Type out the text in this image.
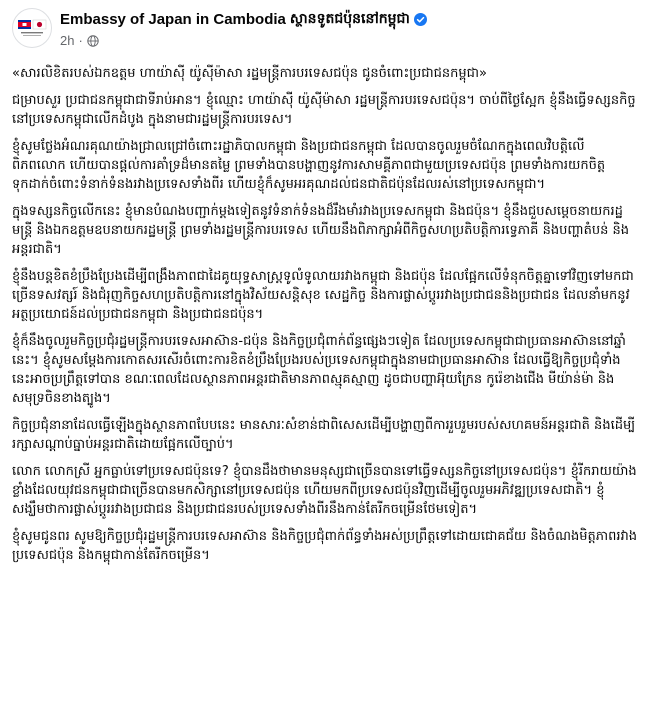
Embassy of Japan in Cambodia ស្ថានទូតជប៉ុននៅកម្ពុជា
2h ·

«សារលិខិតរបស់ឯកឧត្តម ហាយ៉ាស៊ី យ៉ូស៊ីម៉ាសា រដ្ឋមន្ត្រីការបរទេសជប៉ុន ជូនចំពោះប្រជាជនកម្ពុជា»

ជម្រាបសួរ ប្រជាជនកម្ពុជាជាទីរាប់អាន។ ខ្ញុំឈ្មោះ ហាយ៉ាស៊ី យ៉ូស៊ីម៉ាសា រដ្ឋមន្ត្រីការបរទេសជប៉ុន។ ចាប់ពីថ្ងៃស្អែក ខ្ញុំនឹងធ្វើទស្សនកិច្ចនៅប្រទេសកម្ពុជាលើកដំបូង ក្នុងនាមជារដ្ឋមន្ត្រីការបរទេស។

ខ្ញុំសូមថ្លែងអំណរគុណយ៉ាងជ្រាលជ្រៅចំពោះរដ្ឋាភិបាលកម្ពុជា និងប្រជាជនកម្ពុជា ដែលបានចូលរួមចំណែកក្នុងពេលវិបត្តិលើពិភពលោក ហើយបានផ្តល់ការគាំទ្រដ៏មានតម្លៃ ព្រមទាំងបានបង្ហាញនូវការសាមគ្គីភាពជាមួយប្រទេសជប៉ុន ព្រមទាំងការយកចិត្តទុកដាក់ចំពោះទំនាក់ទំនងរវាងប្រទេសទាំងពីរ ហើយខ្ញុំក៏សូមអរគុណដល់ជនជាតិជប៉ុនដែលរស់នៅប្រទេសកម្ពុជា។

ក្នុងទស្សនកិច្ចលើកនេះ ខ្ញុំមានបំណងបញ្ជាក់ម្តងទៀតនូវទំនាក់ទំនងដ៏រឹងមាំរវាងប្រទេសកម្ពុជា និងជប៉ុន។ ខ្ញុំនឹងជួបសម្តេចនាយករដ្ឋមន្ត្រី និងឯកឧត្តមឧបនាយករដ្ឋមន្ត្រី ព្រមទាំងរដ្ឋមន្ត្រីការបរទេស ហើយនឹងពិភាក្សាអំពីកិច្ចសហប្រតិបត្តិការទ្វេភាគី និងបញ្ហាតំបន់ និងអន្តរជាតិ។

ខ្ញុំនឹងបន្តខិតខំប្រឹងប្រែងដើម្បីពង្រឹងភាពជាដៃគូយុទ្ធសាស្ត្រទូលំទូលាយរវាងកម្ពុជា និងជប៉ុន ដែលផ្អែកលើទំនុកចិត្តគ្នាទៅវិញទៅមកជាច្រើនទសវត្សរ៍ និងជំរុញកិច្ចសហប្រតិបត្តិការនៅក្នុងវិស័យសន្តិសុខ សេដ្ឋកិច្ច និងការផ្លាស់ប្តូររវាងប្រជាជននិងប្រជាជន ដែលនាំមកនូវអត្ថប្រយោជន៍ដល់ប្រជាជនកម្ពុជា និងប្រជាជនជប៉ុន។

ខ្ញុំក៏នឹងចូលរួមកិច្ចប្រជុំរដ្ឋមន្ត្រីការបរទេសអាស៊ាន-ជប៉ុន និងកិច្ចប្រជុំពាក់ព័ន្ធផ្សេងៗទៀត ដែលប្រទេសកម្ពុជាជាប្រធានអាស៊ាននៅឆ្នាំនេះ។ ខ្ញុំសូមសម្តែងការកោតសរសើរចំពោះការខិតខំប្រឹងប្រែងរបស់ប្រទេសកម្ពុជាក្នុងនាមជាប្រធានអាស៊ាន ដែលធ្វើឱ្យកិច្ចប្រជុំទាំងនេះអាចប្រព្រឹត្តទៅបាន ខណៈពេលដែលស្ថានភាពអន្តរជាតិមានភាពស្មុគស្មាញ ដូចជាបញ្ហាអ៊ុយក្រែន កូរ៉េខាងជើង មីយ៉ាន់ម៉ា និងសមុទ្រចិនខាងត្បូង។

កិច្ចប្រជុំនានាដែលធ្វើឡើងក្នុងស្ថានភាពបែបនេះ មានសារៈសំខាន់ជាពិសេសដើម្បីបង្ហាញពីការរួបរួមរបស់សហគមន៍អន្តរជាតិ និងដើម្បីរក្សាសណ្តាប់ធ្នាប់អន្តរជាតិដោយផ្អែកលើច្បាប់។

លោក លោកស្រី អ្នកធ្លាប់ទៅប្រទេសជប៉ុនទេ? ខ្ញុំបានដឹងថាមានមនុស្សជាច្រើនបានទៅធ្វើទស្សនកិច្ចនៅប្រទេសជប៉ុន។ ខ្ញុំរីករាយយ៉ាងខ្លាំងដែលយុវជនកម្ពុជាជាច្រើនបានមកសិក្សានៅប្រទេសជប៉ុន ហើយមកពីប្រទេសជប៉ុនវិញដើម្បីចូលរួមអភិវឌ្ឍប្រទេសជាតិ។ ខ្ញុំសង្ឃឹមថាការផ្លាស់ប្តូររវាងប្រជាជន និងប្រជាជនរបស់ប្រទេសទាំងពីរនឹងកាន់តែរីកចម្រើនថែមទៀត។

ខ្ញុំសូមជូនពរ សូមឱ្យកិច្ចប្រជុំរដ្ឋមន្ត្រីការបរទេសអាស៊ាន និងកិច្ចប្រជុំពាក់ព័ន្ធទាំងអស់ប្រព្រឹត្តទៅដោយជោគជ័យ និងចំណងមិត្តភាពរវាងប្រទេសជប៉ុន និងកម្ពុជាកាន់តែរីកចម្រើន។
